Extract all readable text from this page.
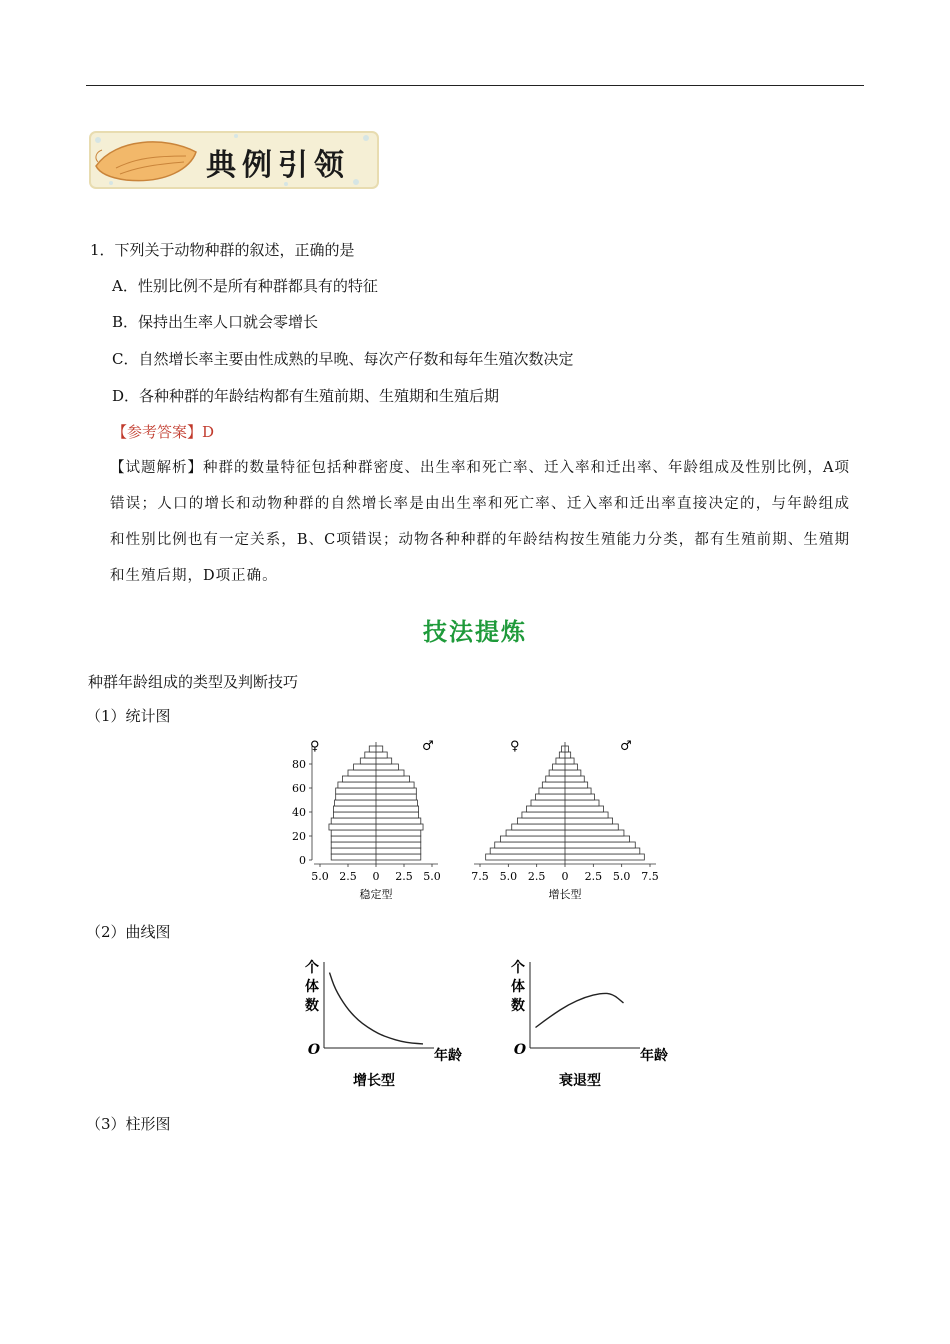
典例引领
1．下列关于动物种群的叙述，正确的是
A．性别比例不是所有种群都具有的特征
B．保持出生率人口就会零增长
C．自然增长率主要由性成熟的早晚、每次产仔数和每年生殖次数决定
D．各种种群的年龄结构都有生殖前期、生殖期和生殖后期
【参考答案】D
【试题解析】种群的数量特征包括种群密度、出生率和死亡率、迁入率和迁出率、年龄组成及性别比例，A项错误；人口的增长和动物种群的自然增长率是由出生率和死亡率、迁入率和迁出率直接决定的，与年龄组成和性别比例也有一定关系，B、C项错误；动物各种种群的年龄结构按生殖能力分类，都有生殖前期、生殖期和生殖后期，D项正确。
技法提炼
种群年龄组成的类型及判断技巧
（1）统计图
（2）曲线图
（3）柱形图
5.0 2.5 0 2.5 5.0
0
20
40
60
80
♀	♂
稳定型
7.5 5.0 2.5 0 2.5 5.0 7.5
♀	♂
增长型
O
个
体
数
年龄
增长型
O
个
体
数
年龄
衰退型
